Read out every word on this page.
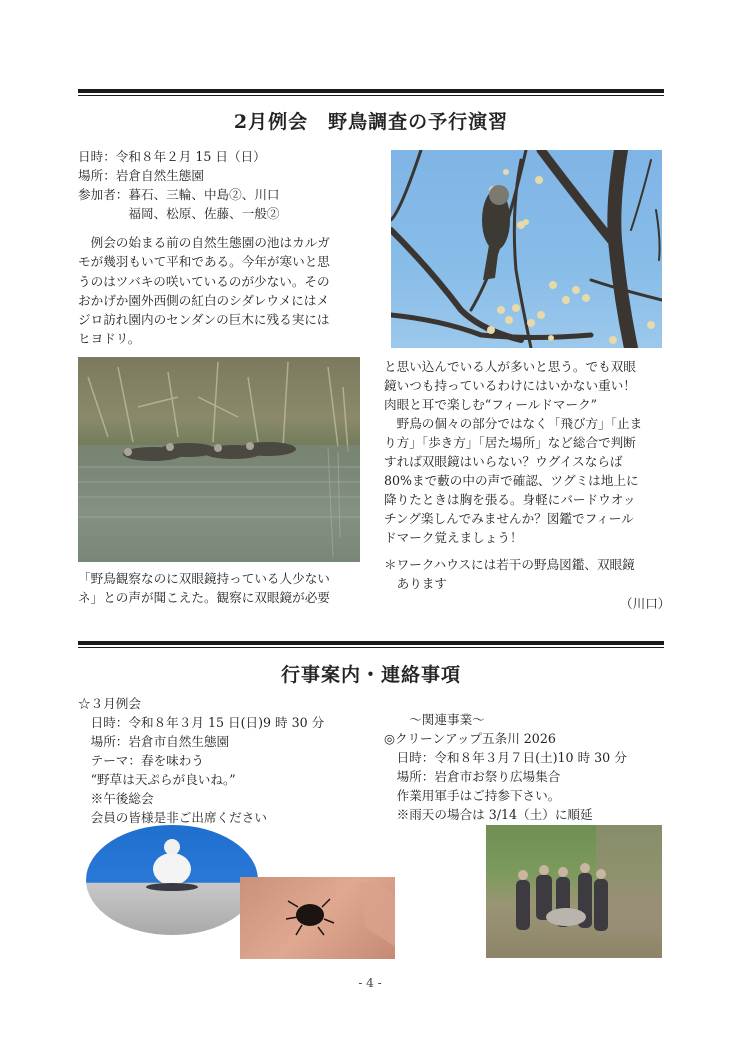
2月例会　野鳥調査の予行演習
日時：令和８年２月 15 日（日）
場所：岩倉自然生態園
参加者：暮石、三輪、中島②、川口
　　　　福岡、松原、佐藤、一般②
　例会の始まる前の自然生態園の池はカルガ
モが幾羽もいて平和である。今年が寒いと思
うのはツバキの咲いているのが少ない。その
おかげか園外西側の紅白のシダレウメにはメ
ジロ訪れ園内のセンダンの巨木に残る実には
ヒヨドリ。
「野鳥観察なのに双眼鏡持っている人少ない
ネ」との声が聞こえた。観察に双眼鏡が必要
と思い込んでいる人が多いと思う。でも双眼
鏡いつも持っているわけにはいかない重い！
肉眼と耳で楽しむ“フィールドマーク”
　野鳥の個々の部分ではなく「飛び方」「止ま
り方」「歩き方」「居た場所」など総合で判断
すれば双眼鏡はいらない？ウグイスならば
80%まで藪の中の声で確認、ツグミは地上に
降りたときは胸を張る。身軽にバードウオッ
チング楽しんでみませんか？図鑑でフィール
ドマーク覚えましょう！
＊ワークハウスには若干の野鳥図鑑、双眼鏡
　あります
（川口）
行事案内・連絡事項
☆３月例会
　日時：令和８年３月 15 日(日)9 時 30 分
　場所：岩倉市自然生態園
　テーマ：春を味わう
　“野草は天ぷらが良いね。”
　※午後総会
　会員の皆様是非ご出席ください
　　～関連事業～
◎クリーンアップ五条川 2026
　日時：令和８年３月７日(土)10 時 30 分
　場所：岩倉市お祭り広場集合
　作業用軍手はご持参下さい。
　※雨天の場合は 3/14（土）に順延
- 4 -
